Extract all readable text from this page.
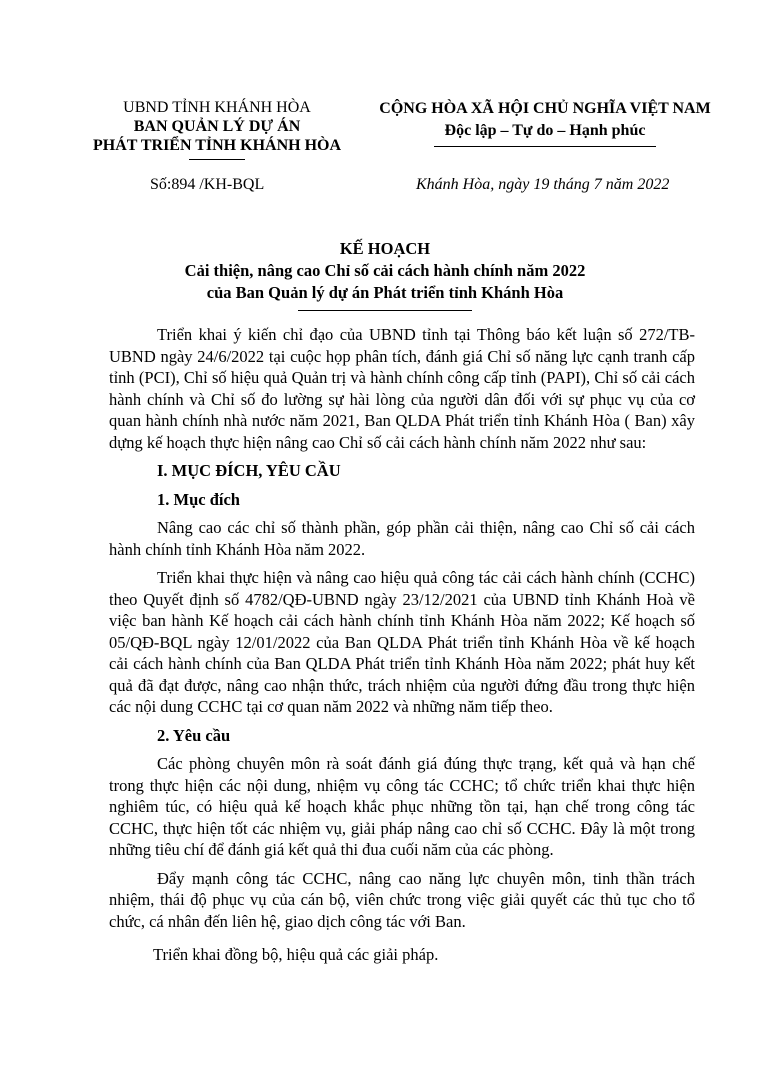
UBND TỈNH KHÁNH HÒA
BAN QUẢN LÝ DỰ ÁN
PHÁT TRIỂN TỈNH KHÁNH HÒA
CỘNG HÒA XÃ HỘI CHỦ NGHĨA VIỆT NAM
Độc lập – Tự do – Hạnh phúc
Số:894 /KH-BQL	Khánh Hòa, ngày 19 tháng 7 năm 2022
KẾ HOẠCH
Cải thiện, nâng cao Chỉ số cải cách hành chính năm 2022
của Ban Quản lý dự án Phát triển tỉnh Khánh Hòa

Triển khai ý kiến chỉ đạo của UBND tỉnh tại Thông báo kết luận số 272/TB-UBND ngày 24/6/2022 tại cuộc họp phân tích, đánh giá Chỉ số năng lực cạnh tranh cấp tỉnh (PCI), Chỉ số hiệu quả Quản trị và hành chính công cấp tỉnh (PAPI), Chỉ số cải cách hành chính và Chỉ số đo lường sự hài lòng của người dân đối với sự phục vụ của cơ quan hành chính nhà nước năm 2021, Ban QLDA Phát triển tỉnh Khánh Hòa ( Ban) xây dựng kế hoạch thực hiện nâng cao Chỉ số cải cách hành chính năm 2022 như sau:

I. MỤC ĐÍCH, YÊU CẦU
1. Mục đích

Nâng cao các chỉ số thành phần, góp phần cải thiện, nâng cao Chỉ số cải cách hành chính tỉnh Khánh Hòa năm 2022.

Triển khai thực hiện và nâng cao hiệu quả công tác cải cách hành chính (CCHC) theo Quyết định số 4782/QĐ-UBND ngày 23/12/2021 của UBND tỉnh Khánh Hoà về việc ban hành Kế hoạch cải cách hành chính tỉnh Khánh Hòa năm 2022; Kế hoạch số 05/QĐ-BQL ngày 12/01/2022 của Ban QLDA Phát triển tỉnh Khánh Hòa về kế hoạch cải cách hành chính của Ban QLDA Phát triển tỉnh Khánh Hòa năm 2022; phát huy kết quả đã đạt được, nâng cao nhận thức, trách nhiệm của người đứng đầu trong thực hiện các nội dung CCHC tại cơ quan năm 2022 và những năm tiếp theo.

2. Yêu cầu

Các phòng chuyên môn rà soát đánh giá đúng thực trạng, kết quả và hạn chế trong thực hiện các nội dung, nhiệm vụ công tác CCHC; tổ chức triển khai thực hiện nghiêm túc, có hiệu quả kế hoạch khắc phục những tồn tại, hạn chế trong công tác CCHC, thực hiện tốt các nhiệm vụ, giải pháp nâng cao chỉ số CCHC. Đây là một trong những tiêu chí để đánh giá kết quả thi đua cuối năm của các phòng.

Đẩy mạnh công tác CCHC, nâng cao năng lực chuyên môn, tinh thần trách nhiệm, thái độ phục vụ của cán bộ, viên chức trong việc giải quyết các thủ tục cho tổ chức, cá nhân đến liên hệ, giao dịch công tác với Ban.

Triển khai đồng bộ, hiệu quả các giải pháp.
